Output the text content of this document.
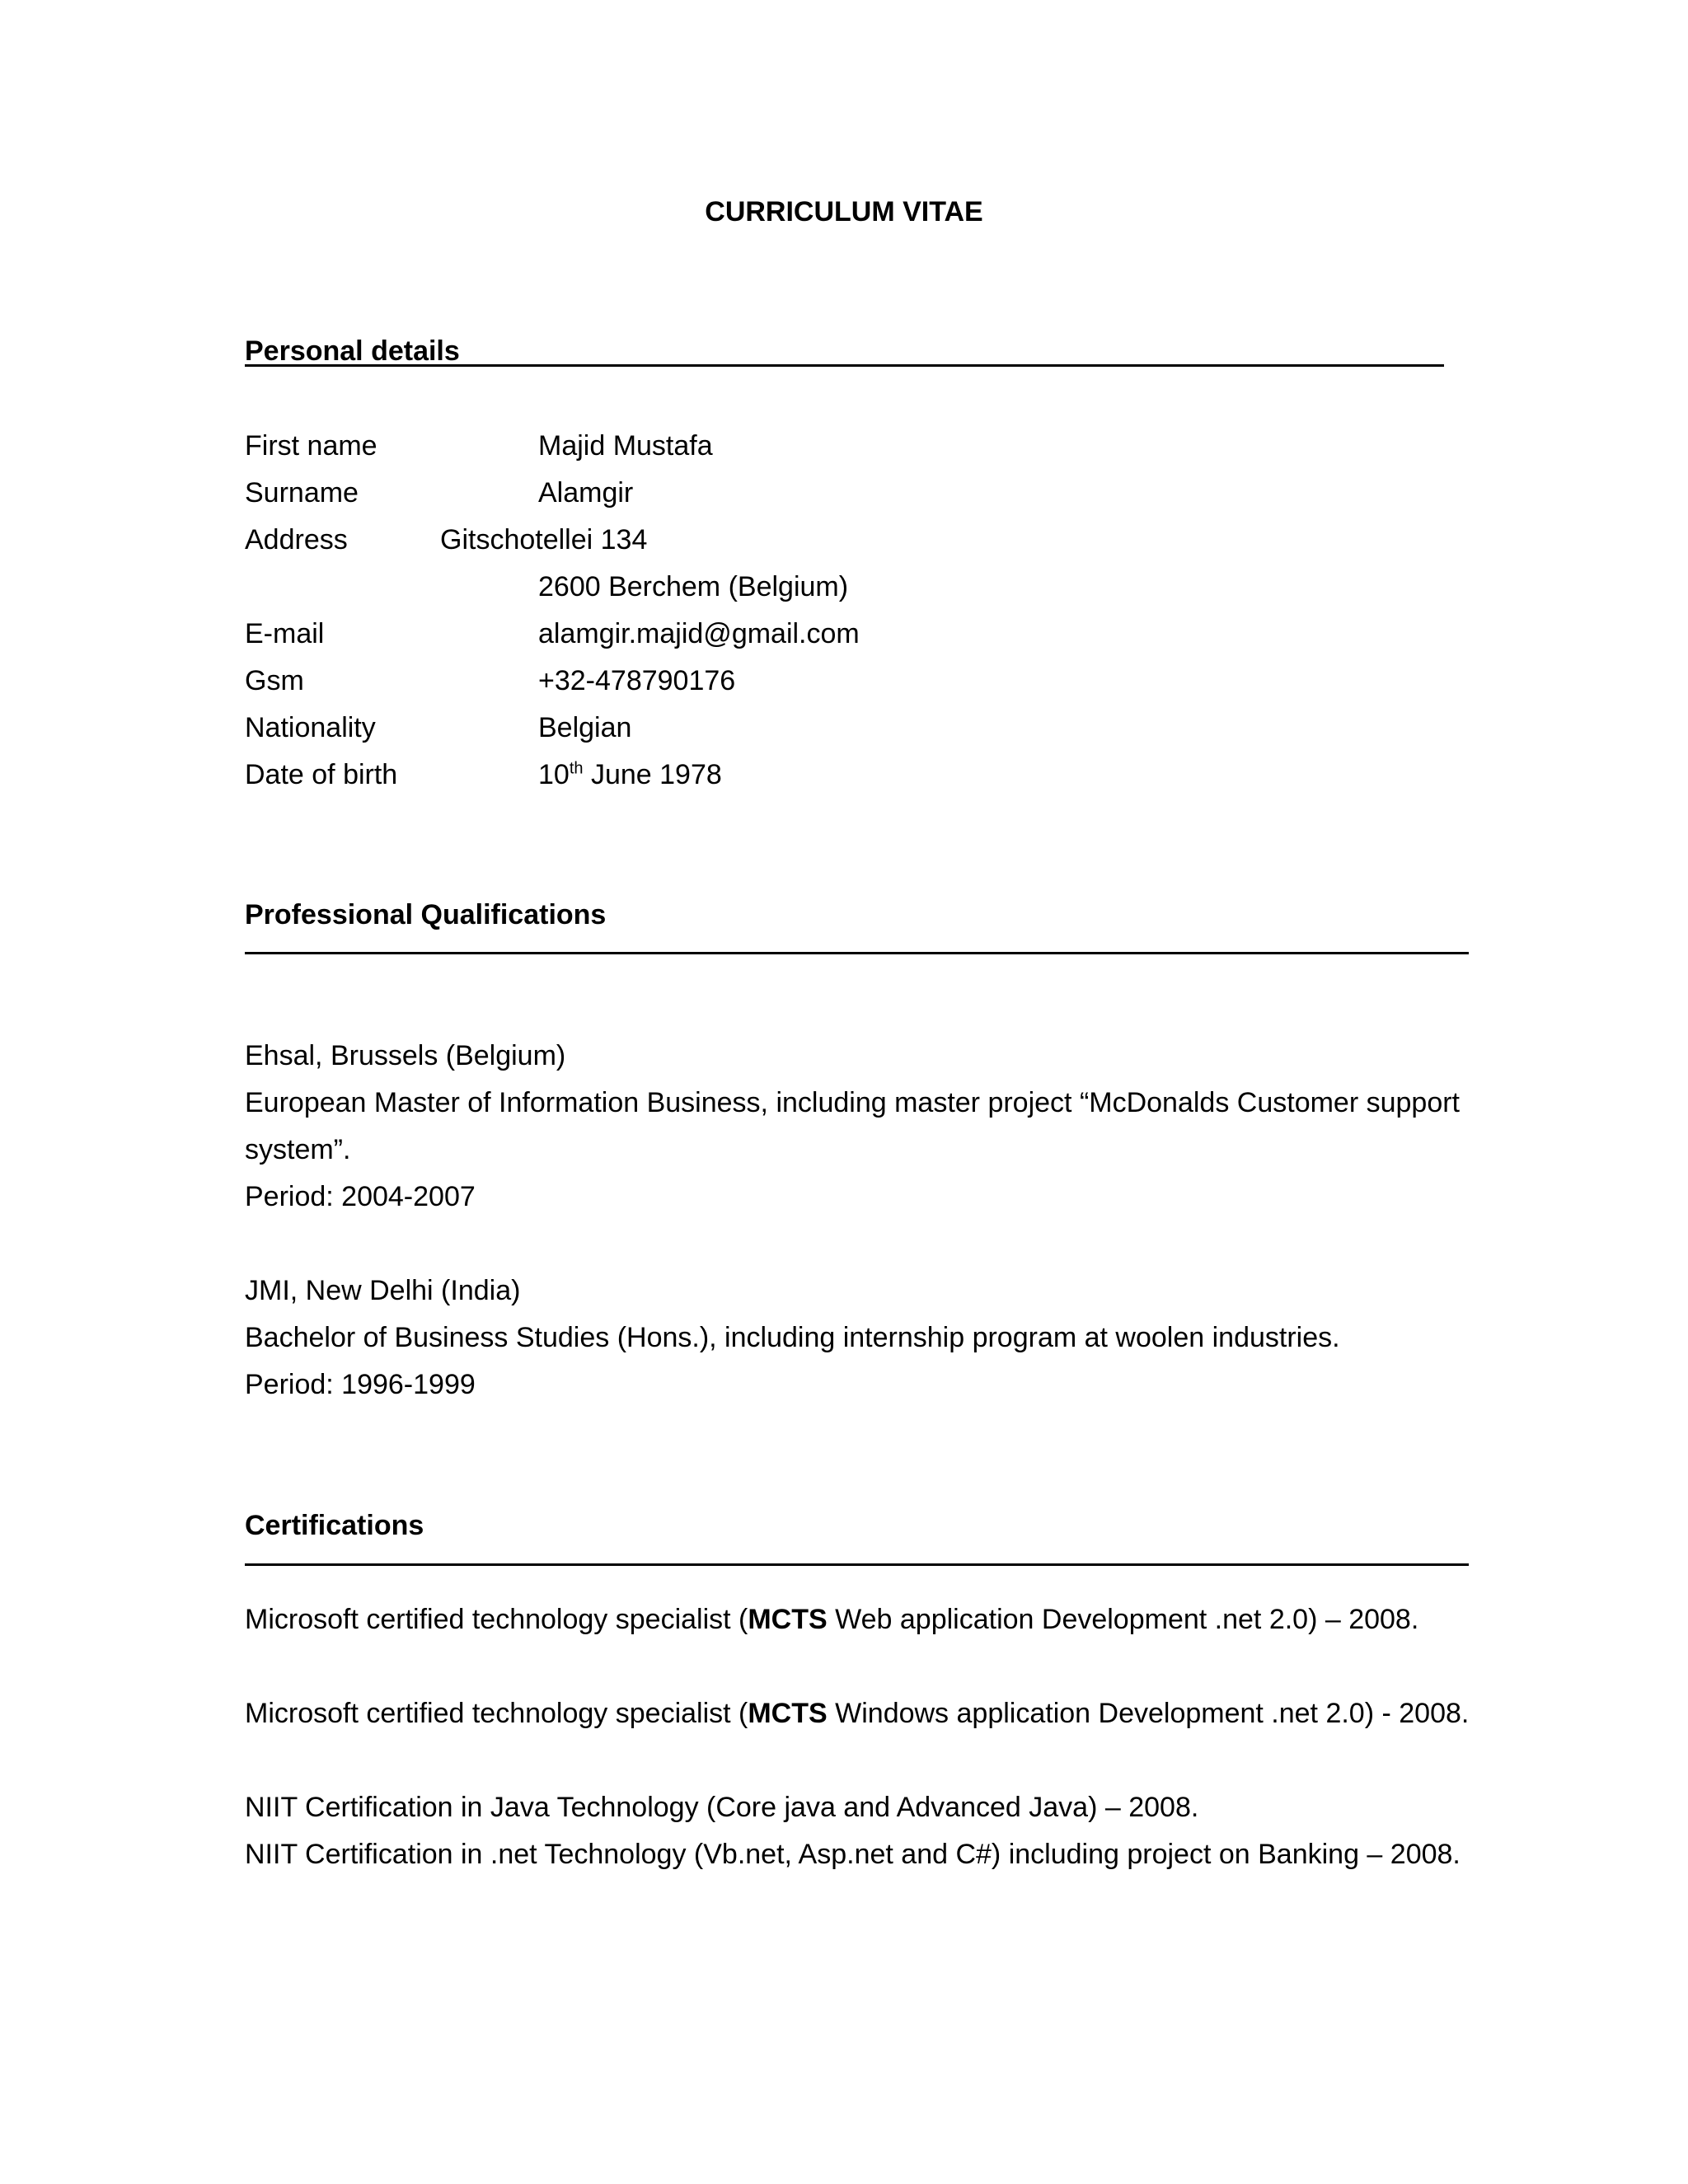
CURRICULUM VITAE
Personal details
First name	Majid Mustafa
Surname	Alamgir
Address	Gitschotellei 134
2600 Berchem (Belgium)
E-mail	alamgir.majid@gmail.com
Gsm	+32-478790176
Nationality	Belgian
Date of birth	10th June 1978
Professional Qualifications
Ehsal, Brussels (Belgium)
European Master of Information Business, including master project “McDonalds Customer support
system”.
Period: 2004-2007
JMI, New Delhi (India)
Bachelor of Business Studies (Hons.), including internship program at woolen industries.
Period: 1996-1999
Certifications
Microsoft certified technology specialist (MCTS Web application Development .net 2.0) – 2008.
Microsoft certified technology specialist (MCTS Windows application Development .net 2.0) - 2008.
NIIT Certification in Java Technology (Core java and Advanced Java) – 2008.
NIIT Certification in .net Technology (Vb.net, Asp.net and C#) including project on Banking – 2008.
